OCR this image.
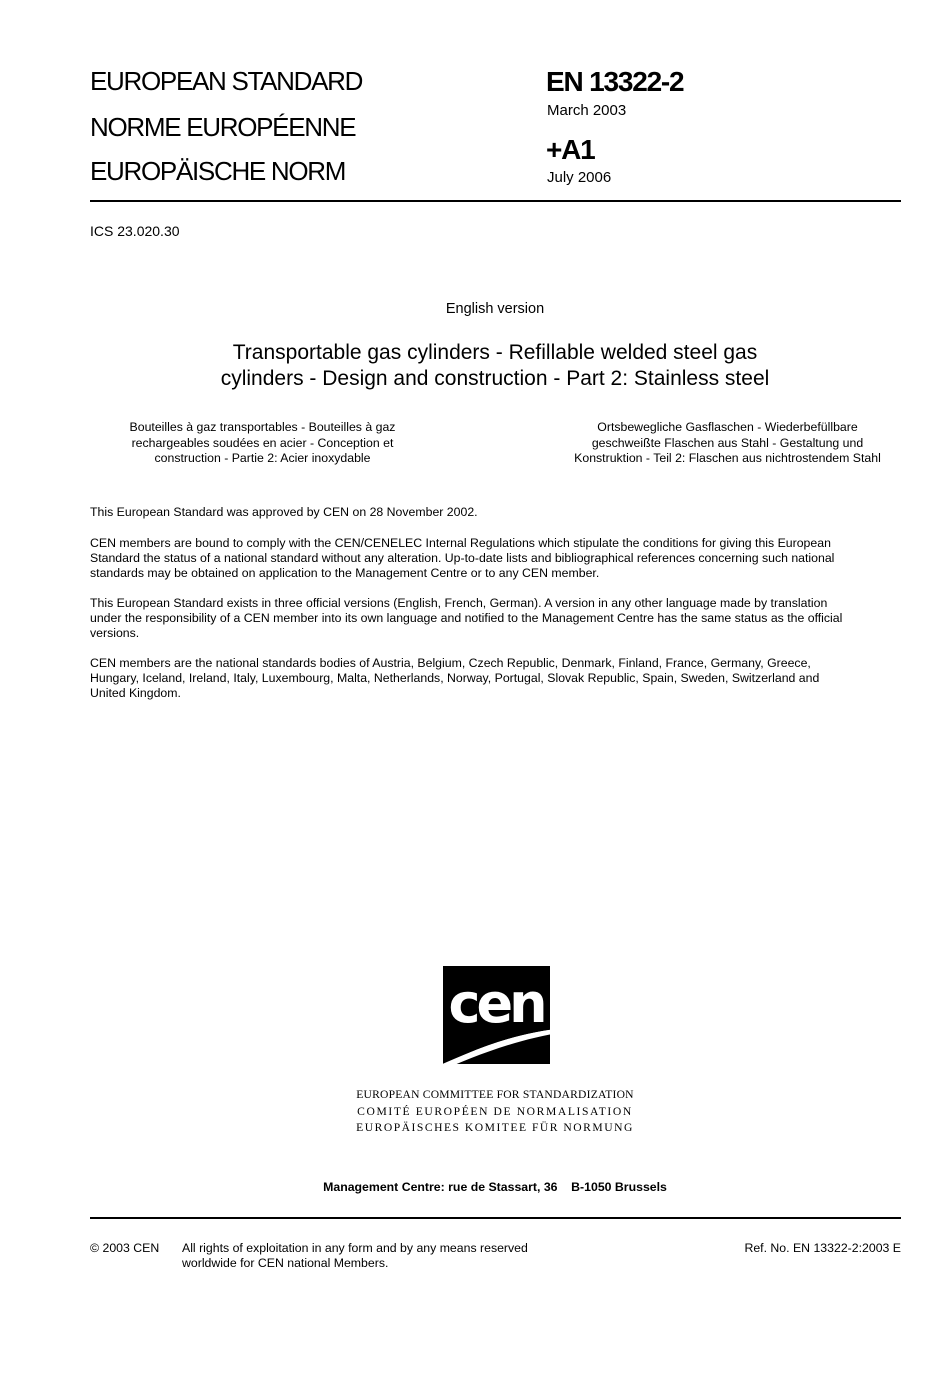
EUROPEAN STANDARD
NORME EUROPÉENNE
EUROPÄISCHE NORM
EN 13322-2
March 2003
+A1
July 2006
ICS 23.020.30
English version
Transportable gas cylinders - Refillable welded steel gas
cylinders - Design and construction - Part 2: Stainless steel
Bouteilles à gaz transportables - Bouteilles à gaz
rechargeables soudées en acier - Conception et
construction - Partie 2: Acier inoxydable
Ortsbewegliche Gasflaschen - Wiederbefüllbare
geschweißte Flaschen aus Stahl - Gestaltung und
Konstruktion - Teil 2: Flaschen aus nichtrostendem Stahl
This European Standard was approved by CEN on 28 November 2002.
CEN members are bound to comply with the CEN/CENELEC Internal Regulations which stipulate the conditions for giving this European
Standard the status of a national standard without any alteration. Up-to-date lists and bibliographical references concerning such national
standards may be obtained on application to the Management Centre or to any CEN member.
This European Standard exists in three official versions (English, French, German). A version in any other language made by translation
under the responsibility of a CEN member into its own language and notified to the Management Centre has the same status as the official
versions.
CEN members are the national standards bodies of Austria, Belgium, Czech Republic, Denmark, Finland, France, Germany, Greece,
Hungary, Iceland, Ireland, Italy, Luxembourg, Malta, Netherlands, Norway, Portugal, Slovak Republic, Spain, Sweden, Switzerland and
United Kingdom.
cen
EUROPEAN COMMITTEE FOR STANDARDIZATION
COMITÉ EUROPÉEN DE NORMALISATION
EUROPÄISCHES KOMITEE FÜR NORMUNG
Management Centre: rue de Stassart, 36    B-1050 Brussels
© 2003 CEN All rights of exploitation in any form and by any means reserved
worldwide for CEN national Members.
Ref. No. EN 13322-2:2003 E
